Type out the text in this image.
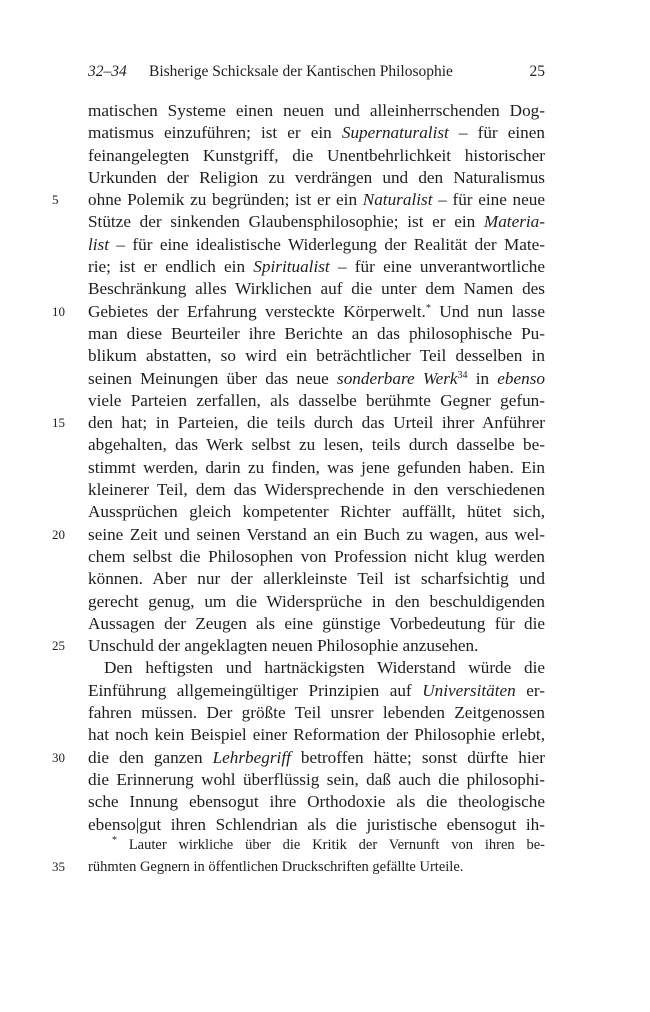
32–34 Bisherige Schicksale der Kantischen Philosophie	25
matischen Systeme einen neuen und alleinherrschenden Dog-
matismus einzuführen; ist er ein Supernaturalist – für einen
feinangelegten Kunstgriff, die Unentbehrlichkeit historischer
Urkunden der Religion zu verdrängen und den Naturalismus
5	ohne Polemik zu begründen; ist er ein Naturalist – für eine neue
Stütze der sinkenden Glaubensphilosophie; ist er ein Materia-
list – für eine idealistische Widerlegung der Realität der Mate-
rie; ist er endlich ein Spiritualist – für eine unverantwortliche
Beschränkung alles Wirklichen auf die unter dem Namen des
10	Gebietes der Erfahrung versteckte Körperwelt.* Und nun lasse
man diese Beurteiler ihre Berichte an das philosophische Pu-
blikum abstatten, so wird ein beträchtlicher Teil desselben in
seinen Meinungen über das neue sonderbare Werk$^{34}$ in ebenso
viele Parteien zerfallen, als dasselbe berühmte Gegner gefun-
15	den hat; in Parteien, die teils durch das Urteil ihrer Anführer
abgehalten, das Werk selbst zu lesen, teils durch dasselbe be-
stimmt werden, darin zu finden, was jene gefunden haben. Ein
kleinerer Teil, dem das Widersprechende in den verschiedenen
Aussprüchen gleich kompetenter Richter auffällt, hütet sich,
20	seine Zeit und seinen Verstand an ein Buch zu wagen, aus wel-
chem selbst die Philosophen von Profession nicht klug werden
können. Aber nur der allerkleinste Teil ist scharfsichtig und
gerecht genug, um die Widersprüche in den beschuldigenden
Aussagen der Zeugen als eine günstige Vorbedeutung für die
25	Unschuld der angeklagten neuen Philosophie anzusehen.
Den heftigsten und hartnäckigsten Widerstand würde die
Einführung allgemeingültiger Prinzipien auf Universitäten er-
fahren müssen. Der größte Teil unsrer lebenden Zeitgenossen
hat noch kein Beispiel einer Reformation der Philosophie erlebt,
30	die den ganzen Lehrbegriff betroffen hätte; sonst dürfte hier
die Erinnerung wohl überflüssig sein, daß auch die philosophi-
sche Innung ebensogut ihre Orthodoxie als die theologische
ebenso|gut ihren Schlendrian als die juristische ebensogut ih-
* Lauter wirkliche über die Kritik der Vernunft von ihren be-
35	rühmten Gegnern in öffentlichen Druckschriften gefällte Urteile.
